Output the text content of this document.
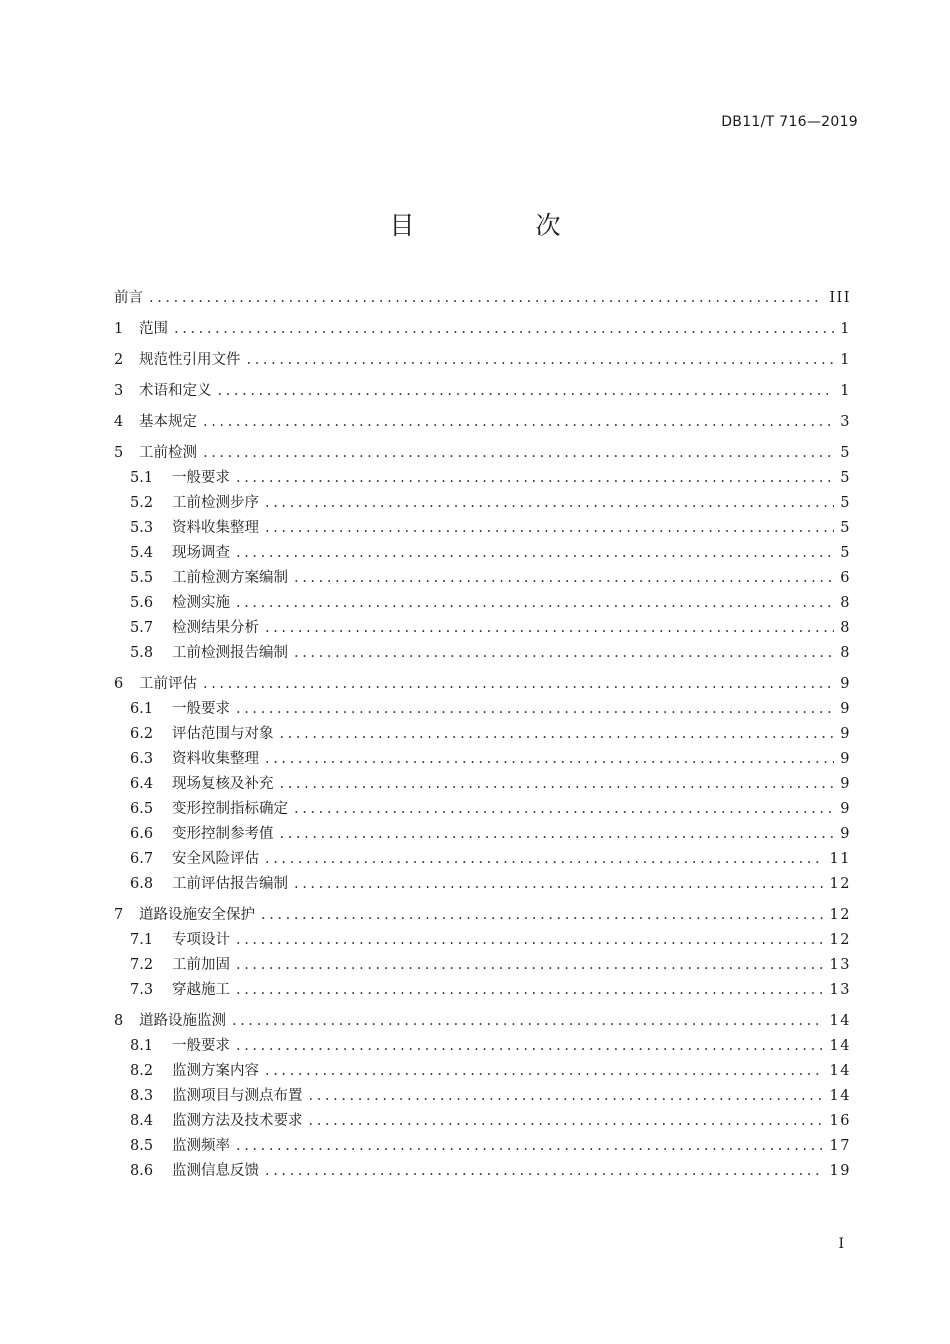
DB11/T 716—2019
目　次
前言 .....	III
1	范围 .....	1
2	规范性引用文件 .....	1
3	术语和定义 .....	1
4	基本规定 .....	3
5	工前检测 .....	5
5.1	一般要求 .....	5
5.2	工前检测步序 .....	5
5.3	资料收集整理 .....	5
5.4	现场调查 .....	5
5.5	工前检测方案编制 .....	6
5.6	检测实施 .....	8
5.7	检测结果分析 .....	8
5.8	工前检测报告编制 .....	8
6	工前评估 .....	9
6.1	一般要求 .....	9
6.2	评估范围与对象 .....	9
6.3	资料收集整理 .....	9
6.4	现场复核及补充 .....	9
6.5	变形控制指标确定 .....	9
6.6	变形控制参考值 .....	9
6.7	安全风险评估 .....	11
6.8	工前评估报告编制 .....	12
7	道路设施安全保护 .....	12
7.1	专项设计 .....	12
7.2	工前加固 .....	13
7.3	穿越施工 .....	13
8	道路设施监测 .....	14
8.1	一般要求 .....	14
8.2	监测方案内容 .....	14
8.3	监测项目与测点布置 .....	14
8.4	监测方法及技术要求 .....	16
8.5	监测频率 .....	17
8.6	监测信息反馈 .....	19
I
